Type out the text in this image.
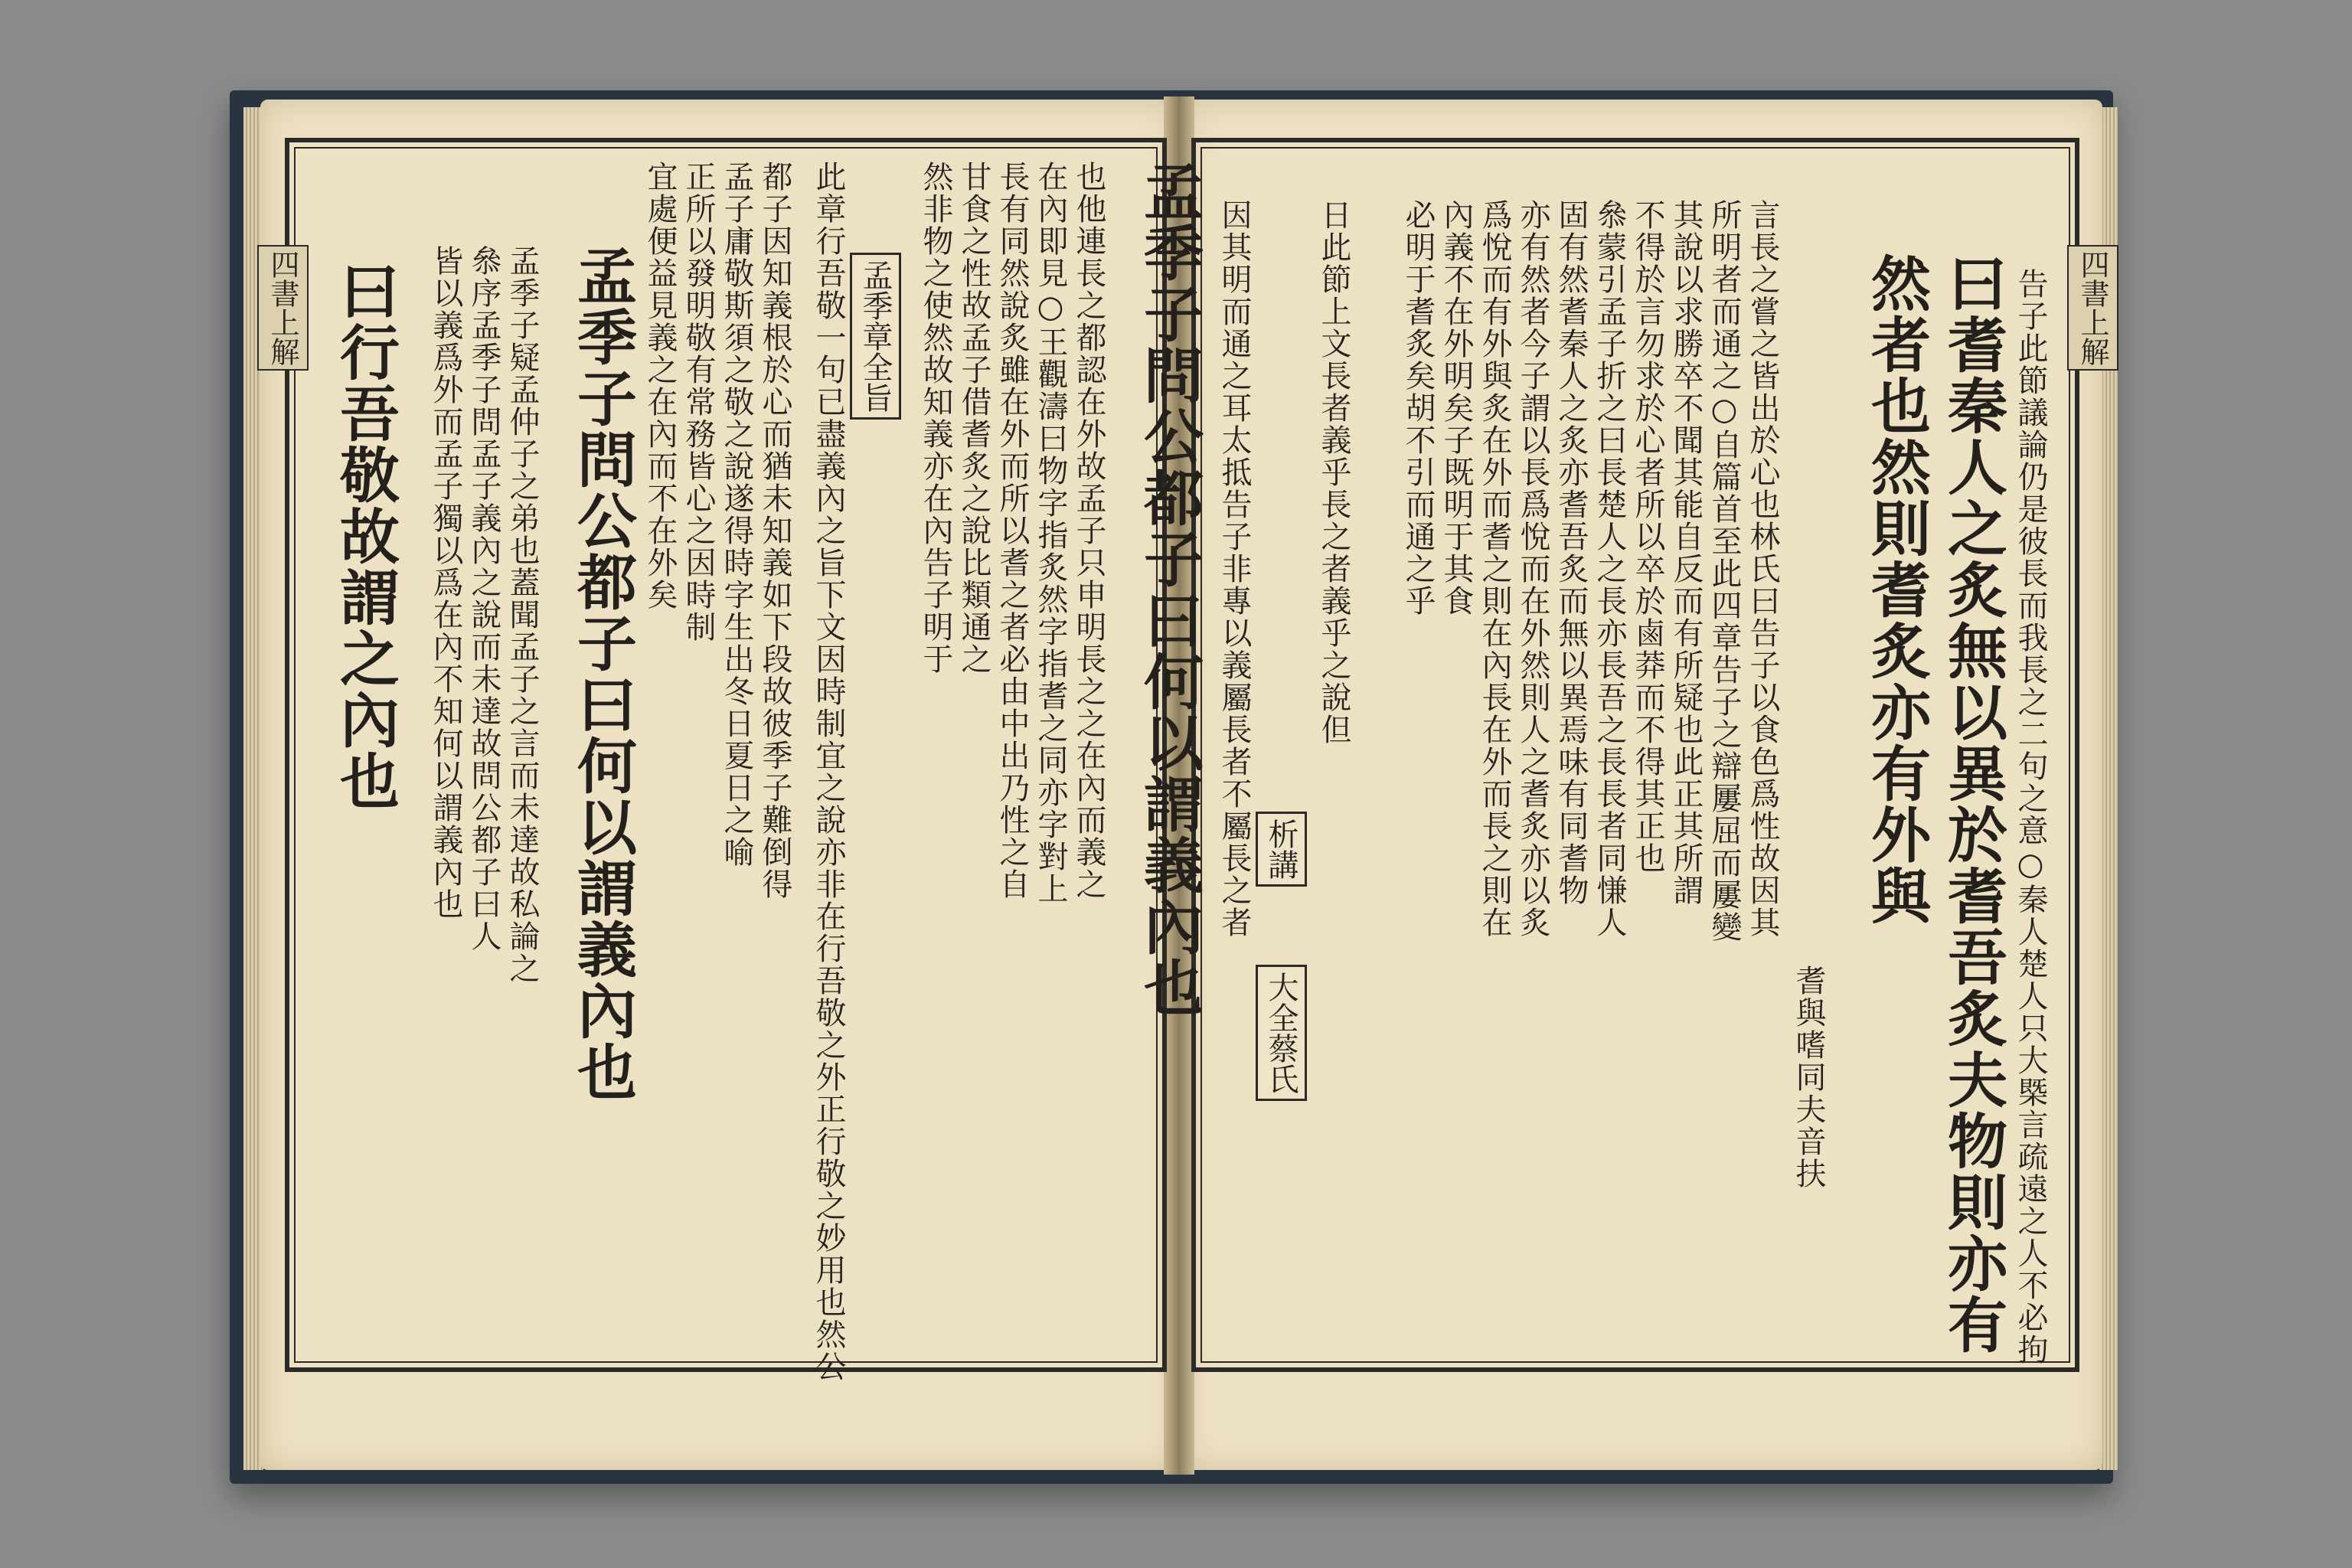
四書上解	孟季子問公都子曰何以謂義內也
也他連長之都認在外故孟子只申明長之之在內而義之
在內即見○王觀濤曰物字指炙然字指耆之同亦字對上
長有同然說炙雖在外而所以耆之者必由中出乃性之自
甘食之性故孟子借耆炙之說比類通之
然非物之使然故知義亦在內告子明于
孟季章全旨
此章行吾敬一句已盡義內之旨下文因時制宜之說亦非在行吾敬之外正行敬之妙用也然公
都子因知義根於心而猶未知義如下段故彼季子難倒得
孟子庸敬斯須之敬之說遂得時字生出冬日夏日之喻
正所以發明敬有常務皆心之因時制
宜處便益見義之在內而不在外矣
孟季子問公都子曰何以謂義內也
孟季子疑孟仲子之弟也蓋聞孟子之言而未達故私論之
叅序孟季子問孟子義內之說而未達故問公都子曰人
皆以義爲外而孟子獨以爲在內不知何以謂義內也
曰行吾敬故謂之內也	四書上解
告子此節議論仍是彼長而我長之二句之意○秦人楚人只大槩言疏遠之人不必拘
曰耆秦人之炙無以異於耆吾炙夫物則亦有
然者也然則耆炙亦有外與
耆與嗜同夫音扶
言長之嘗之皆出於心也林氏曰告子以食色爲性故因其
所明者而通之○自篇首至此四章告子之辯屢屈而屢變
其說以求勝卒不聞其能自反而有所疑也此正其所謂
不得於言勿求於心者所以卒於鹵莽而不得其正也
叅蒙引孟子折之曰長楚人之長亦長吾之長長者同慊人
固有然耆秦人之炙亦耆吾炙而無以異焉味有同耆物
亦有然者今子謂以長爲悅而在外然則人之耆炙亦以炙
爲悅而有外與炙在外而耆之則在內長在外而長之則在
內義不在外明矣子既明于其食
必明于耆炙矣胡不引而通之乎
析講
大全蔡氏
日此節上文長者義乎長之者義乎之說但
因其明而通之耳太抵告子非專以義屬長者不屬長之者
